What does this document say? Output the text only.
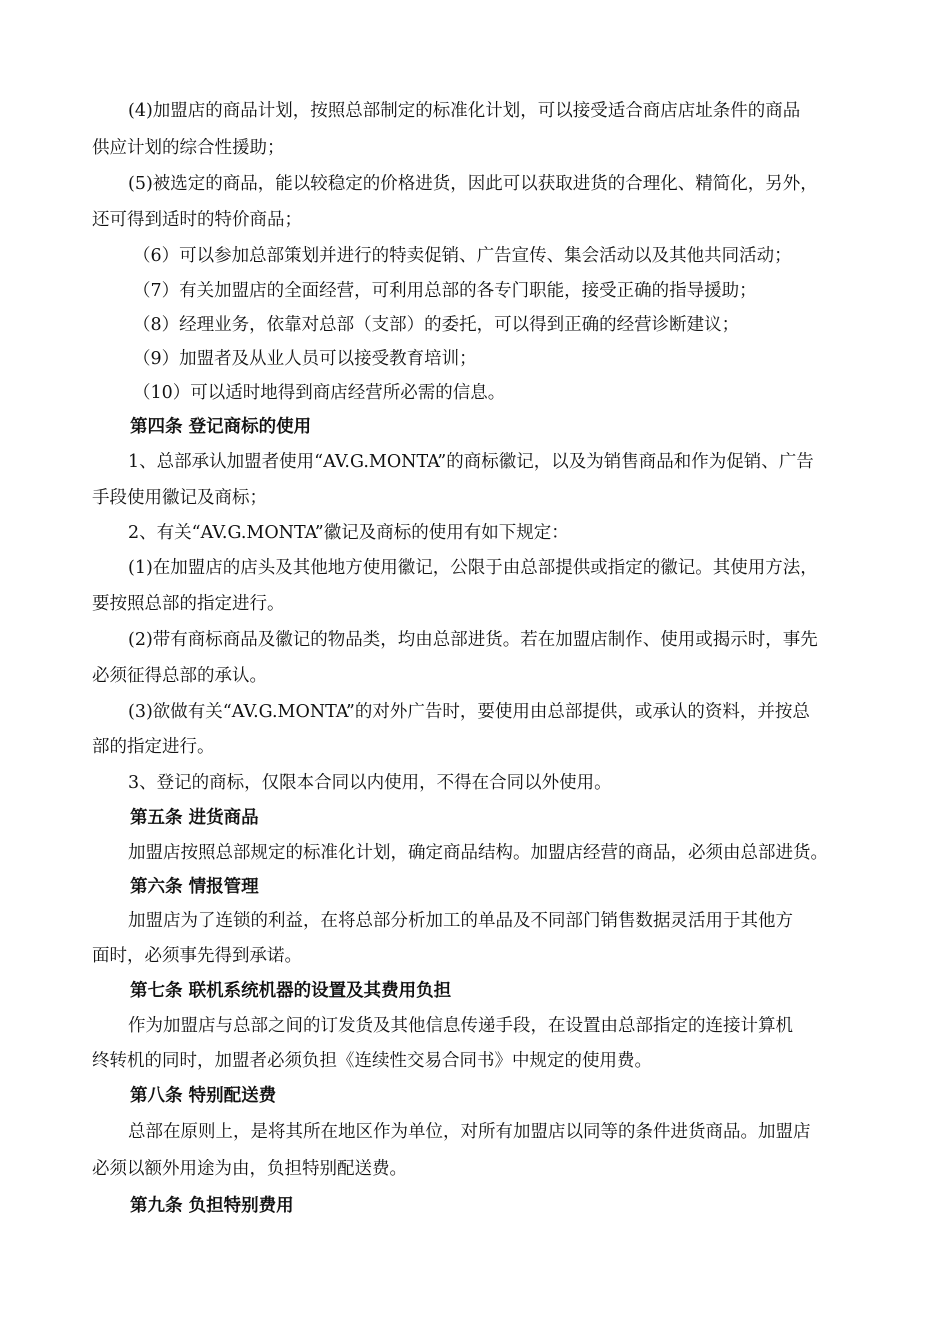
(4)加盟店的商品计划，按照总部制定的标准化计划，可以接受适合商店店址条件的商品
供应计划的综合性援助；
(5)被选定的商品，能以较稳定的价格进货，因此可以获取进货的合理化、精简化，另外，
还可得到适时的特价商品；
（6）可以参加总部策划并进行的特卖促销、广告宣传、集会活动以及其他共同活动；
（7）有关加盟店的全面经营，可利用总部的各专门职能，接受正确的指导援助；
（8）经理业务，依靠对总部（支部）的委托，可以得到正确的经营诊断建议；
（9）加盟者及从业人员可以接受教育培训；
（10）可以适时地得到商店经营所必需的信息。
第四条 登记商标的使用
1、总部承认加盟者使用“AV.G.MONTA”的商标徽记，以及为销售商品和作为促销、广告
手段使用徽记及商标；
2、有关“AV.G.MONTA”徽记及商标的使用有如下规定：
(1)在加盟店的店头及其他地方使用徽记，公限于由总部提供或指定的徽记。其使用方法，
要按照总部的指定进行。
(2)带有商标商品及徽记的物品类，均由总部进货。若在加盟店制作、使用或揭示时，事先
必须征得总部的承认。
(3)欲做有关“AV.G.MONTA”的对外广告时，要使用由总部提供，或承认的资料，并按总
部的指定进行。
3、登记的商标，仅限本合同以内使用，不得在合同以外使用。
第五条 进货商品
加盟店按照总部规定的标准化计划，确定商品结构。加盟店经营的商品，必须由总部进货。
第六条 情报管理
加盟店为了连锁的利益，在将总部分析加工的单品及不同部门销售数据灵活用于其他方
面时，必须事先得到承诺。
第七条 联机系统机器的设置及其费用负担
作为加盟店与总部之间的订发货及其他信息传递手段，在设置由总部指定的连接计算机
终转机的同时，加盟者必须负担《连续性交易合同书》中规定的使用费。
第八条 特别配送费
总部在原则上，是将其所在地区作为单位，对所有加盟店以同等的条件进货商品。加盟店
必须以额外用途为由，负担特别配送费。
第九条 负担特别费用
